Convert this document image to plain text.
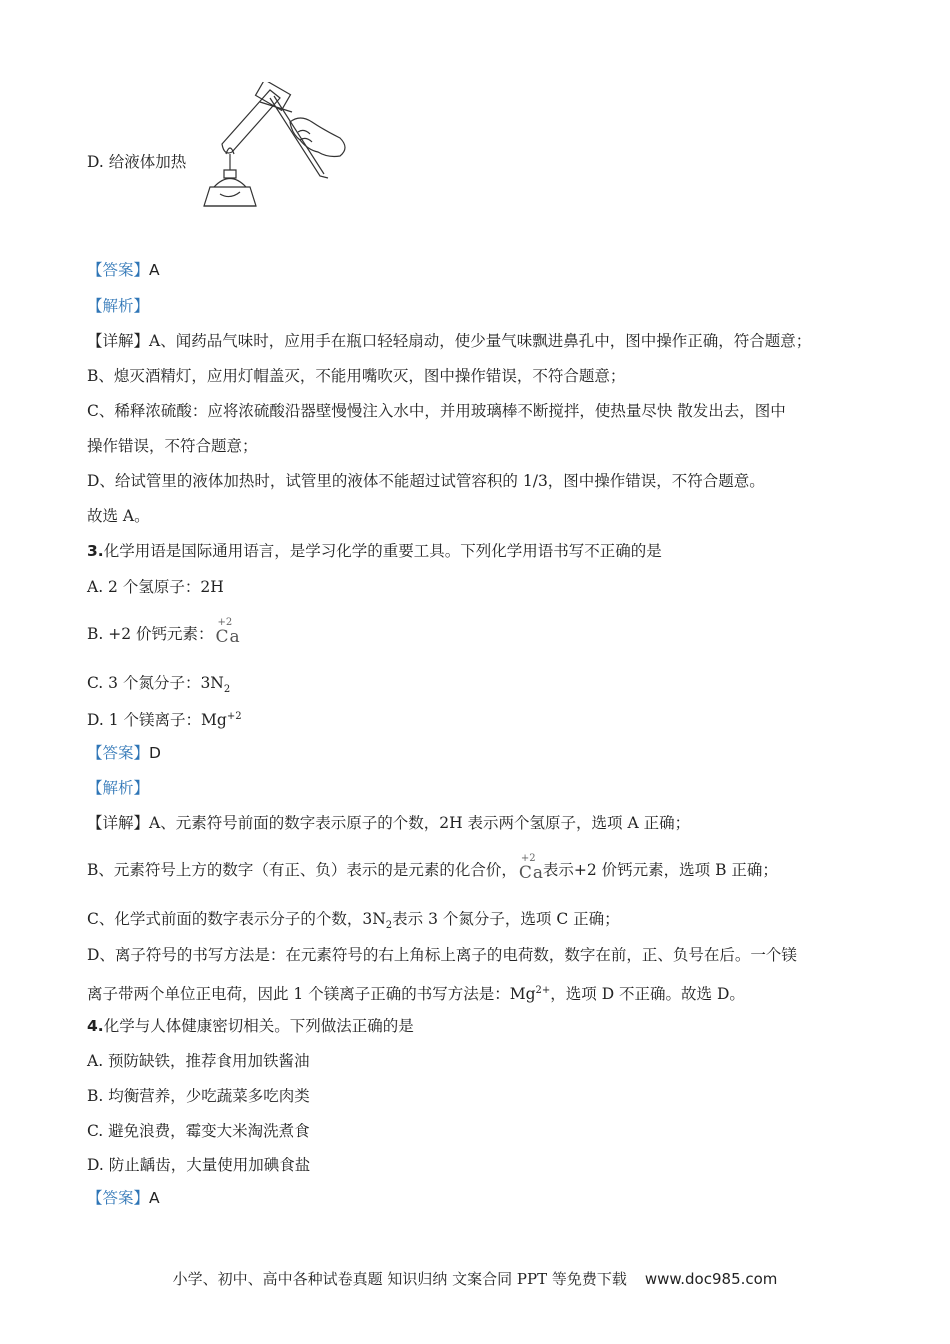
D. 给液体加热
【答案】A
【解析】
【详解】A、闻药品气味时，应用手在瓶口轻轻扇动，使少量气味飘进鼻孔中，图中操作正确，符合题意；
B、熄灭酒精灯，应用灯帽盖灭，不能用嘴吹灭，图中操作错误，不符合题意；
C、稀释浓硫酸：应将浓硫酸沿器壁慢慢注入水中，并用玻璃棒不断搅拌，使热量尽快 散发出去，图中
操作错误，不符合题意；
D、给试管里的液体加热时，试管里的液体不能超过试管容积的 1/3，图中操作错误，不符合题意。
故选 A。
3.化学用语是国际通用语言，是学习化学的重要工具。下列化学用语书写不正确的是
A. 2 个氢原子：2H
B. +2 价钙元素：
+2
Ca
C. 3 个氮分子：$3N_2$
D. 1 个镁离子：$Mg^{+2}$
【答案】D
【解析】
【详解】A、元素符号前面的数字表示原子的个数，2H 表示两个氢原子，选项 A 正确；
B、元素符号上方的数字（有正、负）表示的是元素的化合价，
+2
Ca
表示+2 价钙元素，选项 B 正确；
C、化学式前面的数字表示分子的个数，$3N_2$表示 3 个氮分子，选项 C 正确；
D、离子符号的书写方法是：在元素符号的右上角标上离子的电荷数，数字在前，正、负号在后。一个镁
离子带两个单位正电荷，因此 1 个镁离子正确的书写方法是：$Mg^{2+}$，选项 D 不正确。故选 D。
4.化学与人体健康密切相关。下列做法正确的是
A. 预防缺铁，推荐食用加铁酱油
B. 均衡营养，少吃蔬菜多吃肉类
C. 避免浪费，霉变大米淘洗煮食
D. 防止龋齿，大量使用加碘食盐
【答案】A
小学、初中、高中各种试卷真题 知识归纳 文案合同 PPT 等免费下载 www.doc985.com
